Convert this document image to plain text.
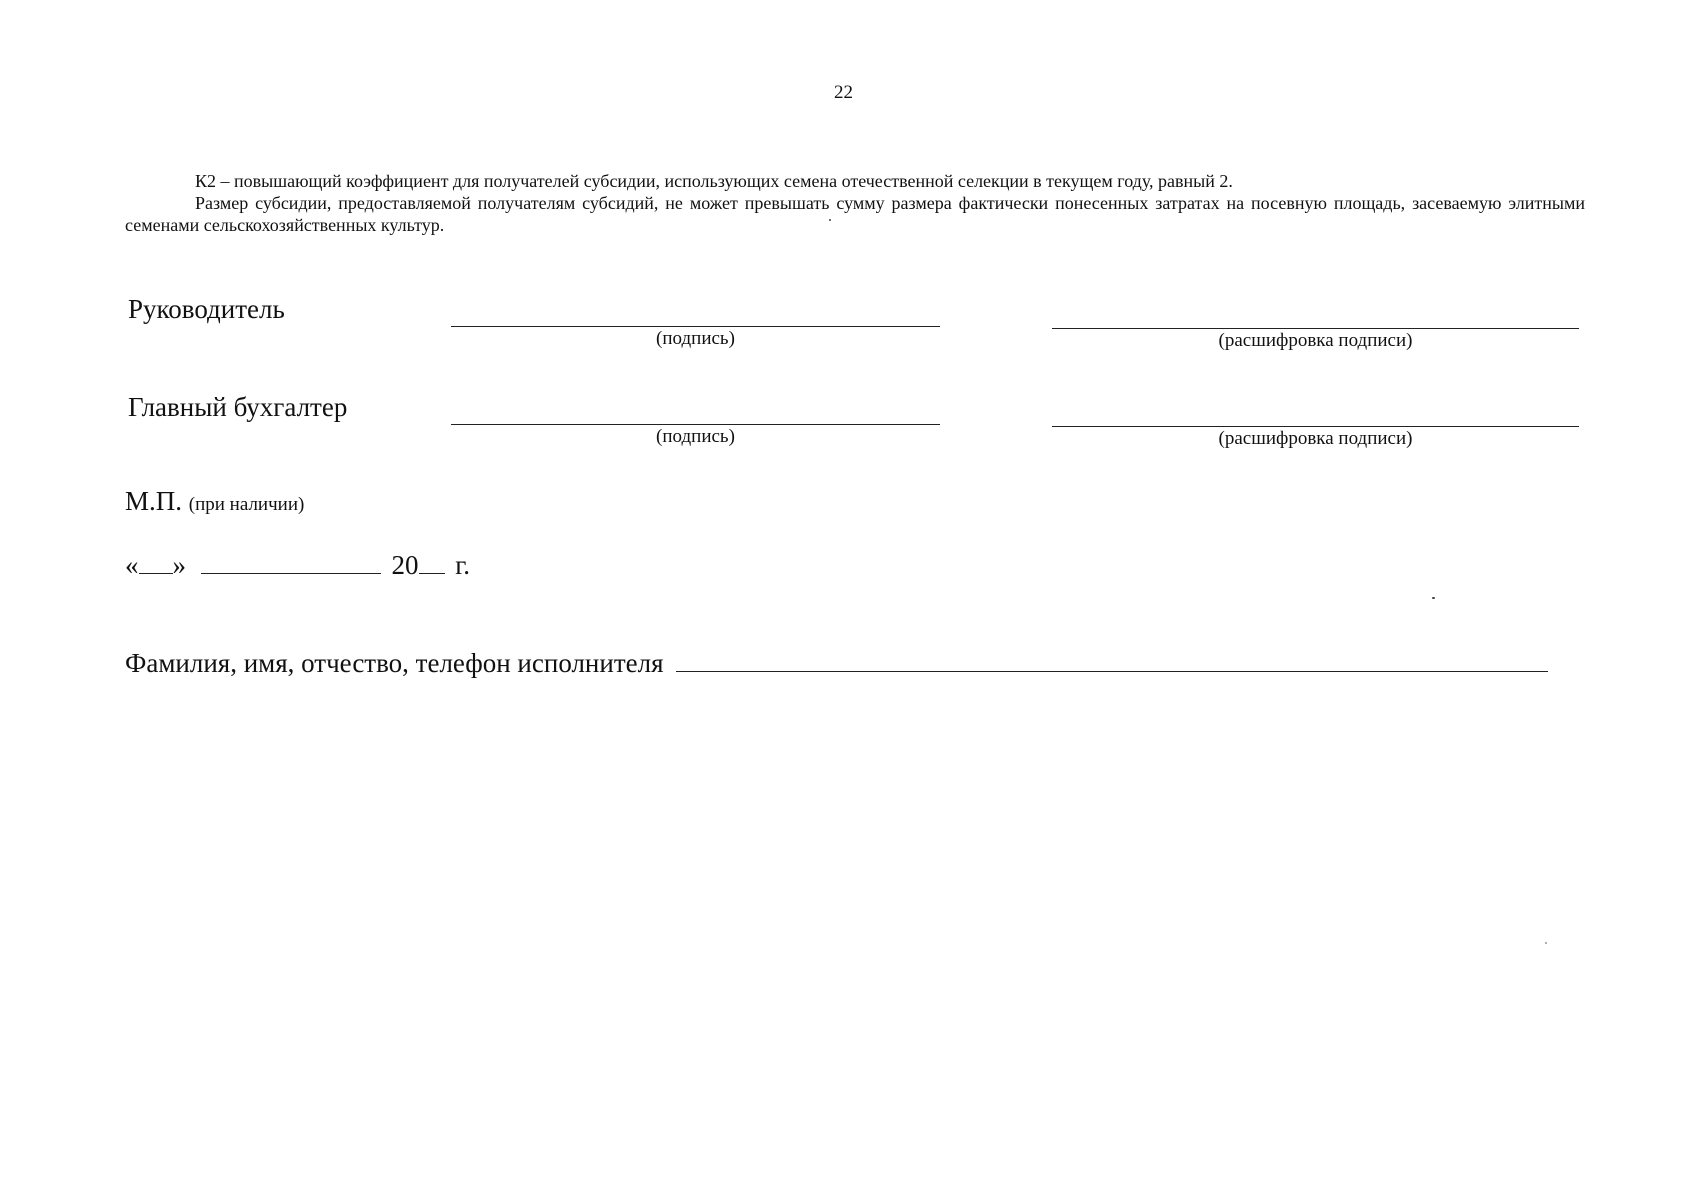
22

К2 – повышающий коэффициент для получателей субсидии, использующих семена отечественной селекции в текущем году, равный 2.

Размер субсидии, предоставляемой получателям субсидий, не может превышать сумму размера фактически понесенных затратах на посевную площадь, засеваемую элитными семенами сельскохозяйственных культур.

Руководитель
(подпись)	(расшифровка подписи)
Главный бухгалтер
(подпись)	(расшифровка подписи)
М.П. (при наличии)
« »	20 г.
Фамилия, имя, отчество, телефон исполнителя
